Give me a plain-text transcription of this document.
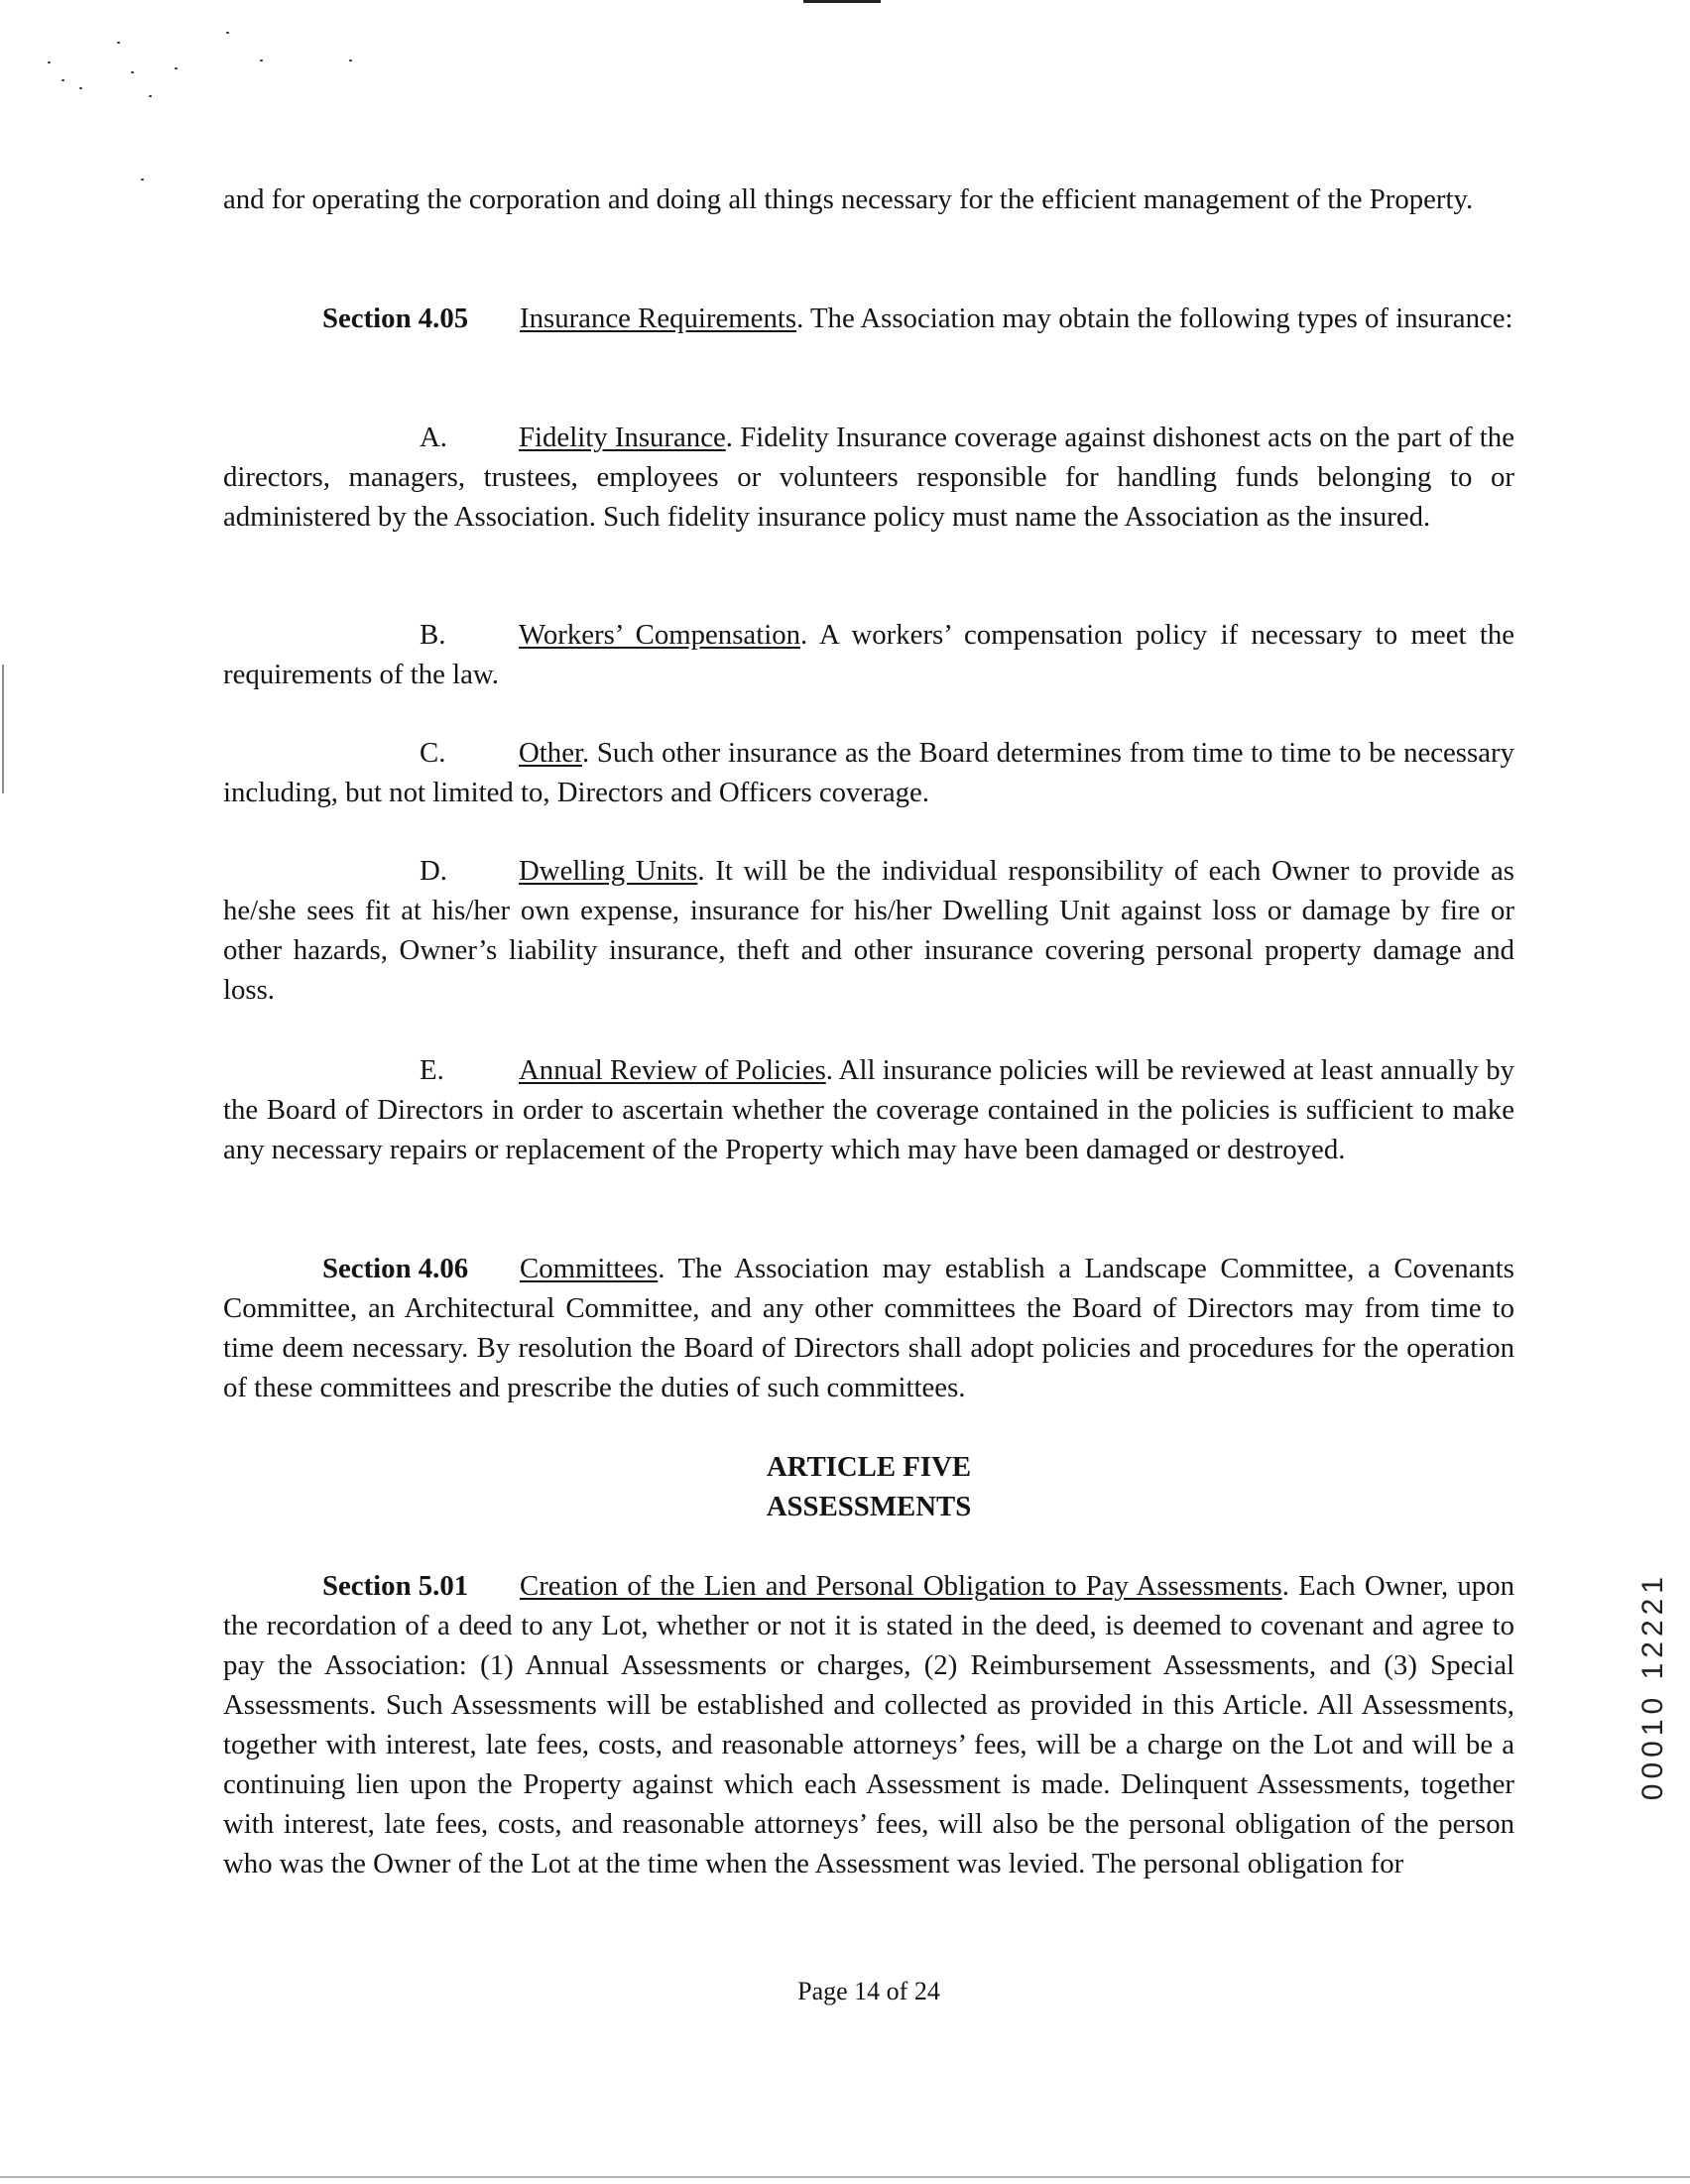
and for operating the corporation and doing all things necessary for the efficient management of the Property.

Section 4.05 Insurance Requirements. The Association may obtain the following types of insurance:

A.	Fidelity Insurance. Fidelity Insurance coverage against dishonest acts on the part of the directors, managers, trustees, employees or volunteers responsible for handling funds belonging to or administered by the Association. Such fidelity insurance policy must name the Association as the insured.

B.	Workers’ Compensation. A workers’ compensation policy if necessary to meet the requirements of the law.

C.	Other. Such other insurance as the Board determines from time to time to be necessary including, but not limited to, Directors and Officers coverage.

D.	Dwelling Units. It will be the individual responsibility of each Owner to provide as he/she sees fit at his/her own expense, insurance for his/her Dwelling Unit against loss or damage by fire or other hazards, Owner’s liability insurance, theft and other insurance covering personal property damage and loss.

E.	Annual Review of Policies. All insurance policies will be reviewed at least annually by the Board of Directors in order to ascertain whether the coverage contained in the policies is sufficient to make any necessary repairs or replacement of the Property which may have been damaged or destroyed.

Section 4.06 Committees. The Association may establish a Landscape Committee, a Covenants Committee, an Architectural Committee, and any other committees the Board of Directors may from time to time deem necessary. By resolution the Board of Directors shall adopt policies and procedures for the operation of these committees and prescribe the duties of such committees.

ARTICLE FIVE

ASSESSMENTS

Section 5.01 Creation of the Lien and Personal Obligation to Pay Assessments. Each Owner, upon the recordation of a deed to any Lot, whether or not it is stated in the deed, is deemed to covenant and agree to pay the Association: (1) Annual Assessments or charges, (2) Reimbursement Assessments, and (3) Special Assessments. Such Assessments will be established and collected as provided in this Article. All Assessments, together with interest, late fees, costs, and reasonable attorneys’ fees, will be a charge on the Lot and will be a continuing lien upon the Property against which each Assessment is made. Delinquent Assessments, together with interest, late fees, costs, and reasonable attorneys’ fees, will also be the personal obligation of the person who was the Owner of the Lot at the time when the Assessment was levied. The personal obligation for

Page 14 of 24
00010 12221
